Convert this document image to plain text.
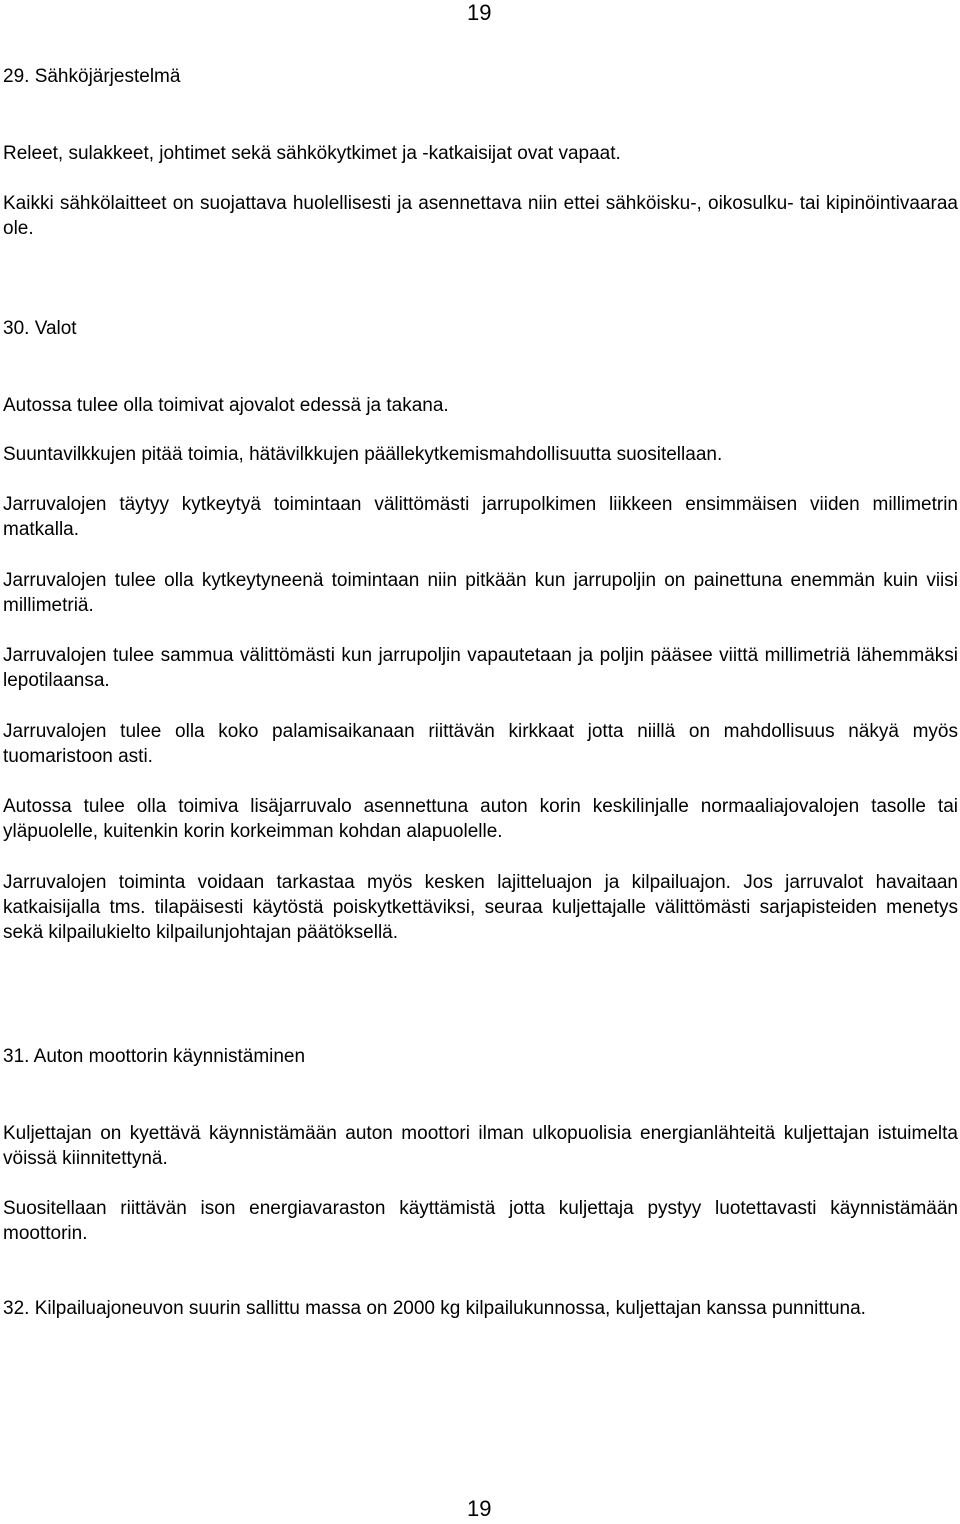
19
29. Sähköjärjestelmä

Releet, sulakkeet, johtimet sekä sähkökytkimet ja -katkaisijat ovat vapaat.

Kaikki sähkölaitteet on suojattava huolellisesti ja asennettava niin ettei sähköisku-, oikosulku- tai kipinöintivaaraa ole.

30. Valot

Autossa tulee olla toimivat ajovalot edessä ja takana.

Suuntavilkkujen pitää toimia, hätävilkkujen päällekytkemismahdollisuutta suositellaan.

Jarruvalojen täytyy kytkeytyä toimintaan välittömästi jarrupolkimen liikkeen ensimmäisen viiden millimetrin matkalla.

Jarruvalojen tulee olla kytkeytyneenä toimintaan niin pitkään kun jarrupoljin on painettuna enemmän kuin viisi millimetriä.

Jarruvalojen tulee sammua välittömästi kun jarrupoljin vapautetaan ja poljin pääsee viittä millimetriä lähemmäksi lepotilaansa.

Jarruvalojen tulee olla koko palamisaikanaan riittävän kirkkaat jotta niillä on mahdollisuus näkyä myös tuomaristoon asti.

Autossa tulee olla toimiva lisäjarruvalo asennettuna auton korin keskilinjalle normaaliajovalojen tasolle tai yläpuolelle, kuitenkin korin korkeimman kohdan alapuolelle.

Jarruvalojen toiminta voidaan tarkastaa myös kesken lajitteluajon ja kilpailuajon. Jos jarruvalot havaitaan katkaisijalla tms. tilapäisesti käytöstä poiskytkettäviksi, seuraa kuljettajalle välittömästi sarjapisteiden menetys sekä kilpailukielto kilpailunjohtajan päätöksellä.

31. Auton moottorin käynnistäminen

Kuljettajan on kyettävä käynnistämään auton moottori ilman ulkopuolisia energianlähteitä kuljettajan istuimelta vöissä kiinnitettynä.

Suositellaan riittävän ison energiavaraston käyttämistä jotta kuljettaja pystyy luotettavasti käynnistämään moottorin.

32. Kilpailuajoneuvon suurin sallittu massa on 2000 kg kilpailukunnossa, kuljettajan kanssa punnittuna.

19
